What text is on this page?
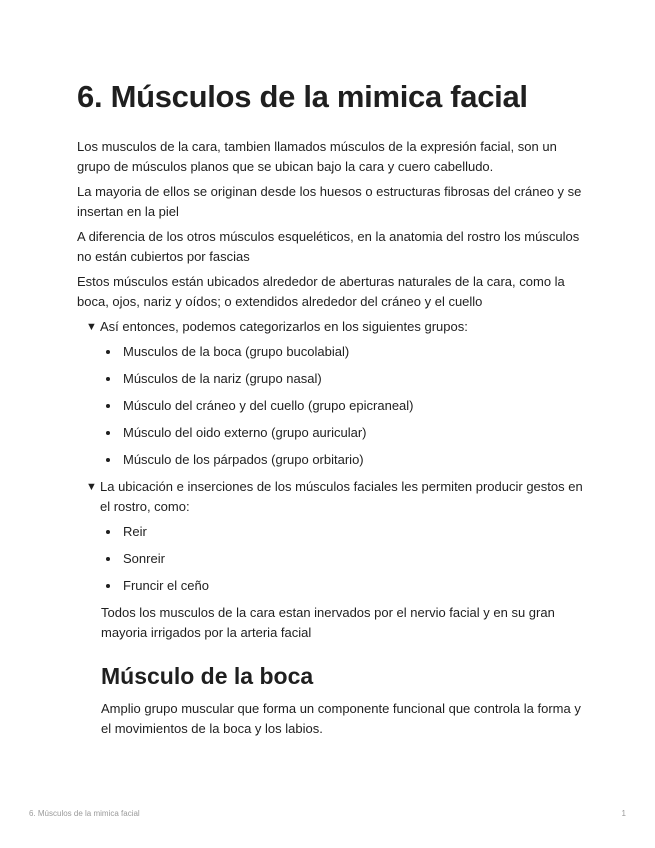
6. Músculos de la mimica facial

Los musculos de la cara, tambien llamados músculos de la expresión facial, son un grupo de músculos planos que se ubican bajo la cara y cuero cabelludo.

La mayoria de ellos se originan desde los huesos o estructuras fibrosas del cráneo y se insertan en la piel

A diferencia de los otros músculos esqueléticos, en la anatomia del rostro los músculos no están cubiertos por fascias

Estos músculos están ubicados alrededor de aberturas naturales de la cara, como la boca, ojos, nariz y oídos; o extendidos alrededor del cráneo y el cuello

▼ Así entonces, podemos categorizarlos en los siguientes grupos:
Musculos de la boca (grupo bucolabial)
Músculos de la nariz (grupo nasal)
Músculo del cráneo y del cuello (grupo epicraneal)
Músculo del oido externo (grupo auricular)
Músculo de los párpados (grupo orbitario)
▼ La ubicación e inserciones de los músculos faciales les permiten producir gestos en el rostro, como:
Reir
Sonreir
Fruncir el ceño

Todos los musculos de la cara estan inervados por el nervio facial y en su gran mayoria irrigados por la arteria facial

Músculo de la boca

Amplio grupo muscular que forma un componente funcional que controla la forma y el movimientos de la boca y los labios.

6. Músculos de la mimica facial	1
